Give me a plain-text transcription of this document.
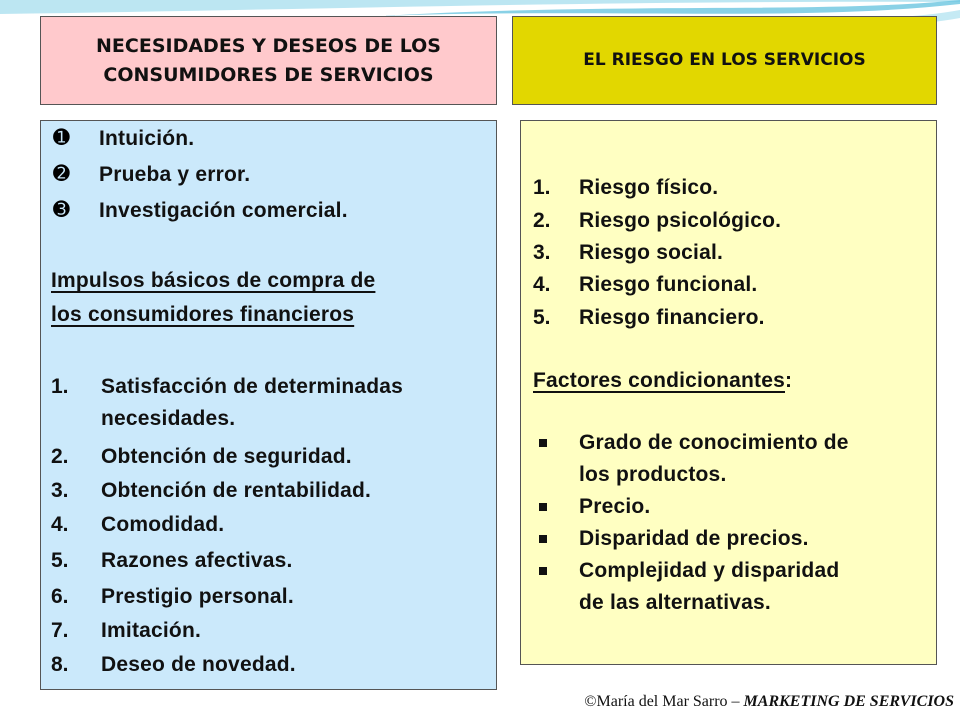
NECESIDADES Y DESEOS DE LOS
CONSUMIDORES DE SERVICIOS
EL RIESGO EN LOS SERVICIOS
➊ Intuición.
➋ Prueba y error.
➌ Investigación comercial.
Impulsos básicos de compra de
los consumidores financieros
1. Satisfacción de determinadas
necesidades.
2. Obtención de seguridad.
3. Obtención de rentabilidad.
4. Comodidad.
5. Razones afectivas.
6. Prestigio personal.
7. Imitación.
8. Deseo de novedad.
1. Riesgo físico.
2. Riesgo psicológico.
3. Riesgo social.
4. Riesgo funcional.
5. Riesgo financiero.
Factores condicionantes:
Grado de conocimiento de
los productos.
Precio.
Disparidad de precios.
Complejidad y disparidad
de las alternativas.
©María del Mar Sarro – MARKETING DE SERVICIOS
